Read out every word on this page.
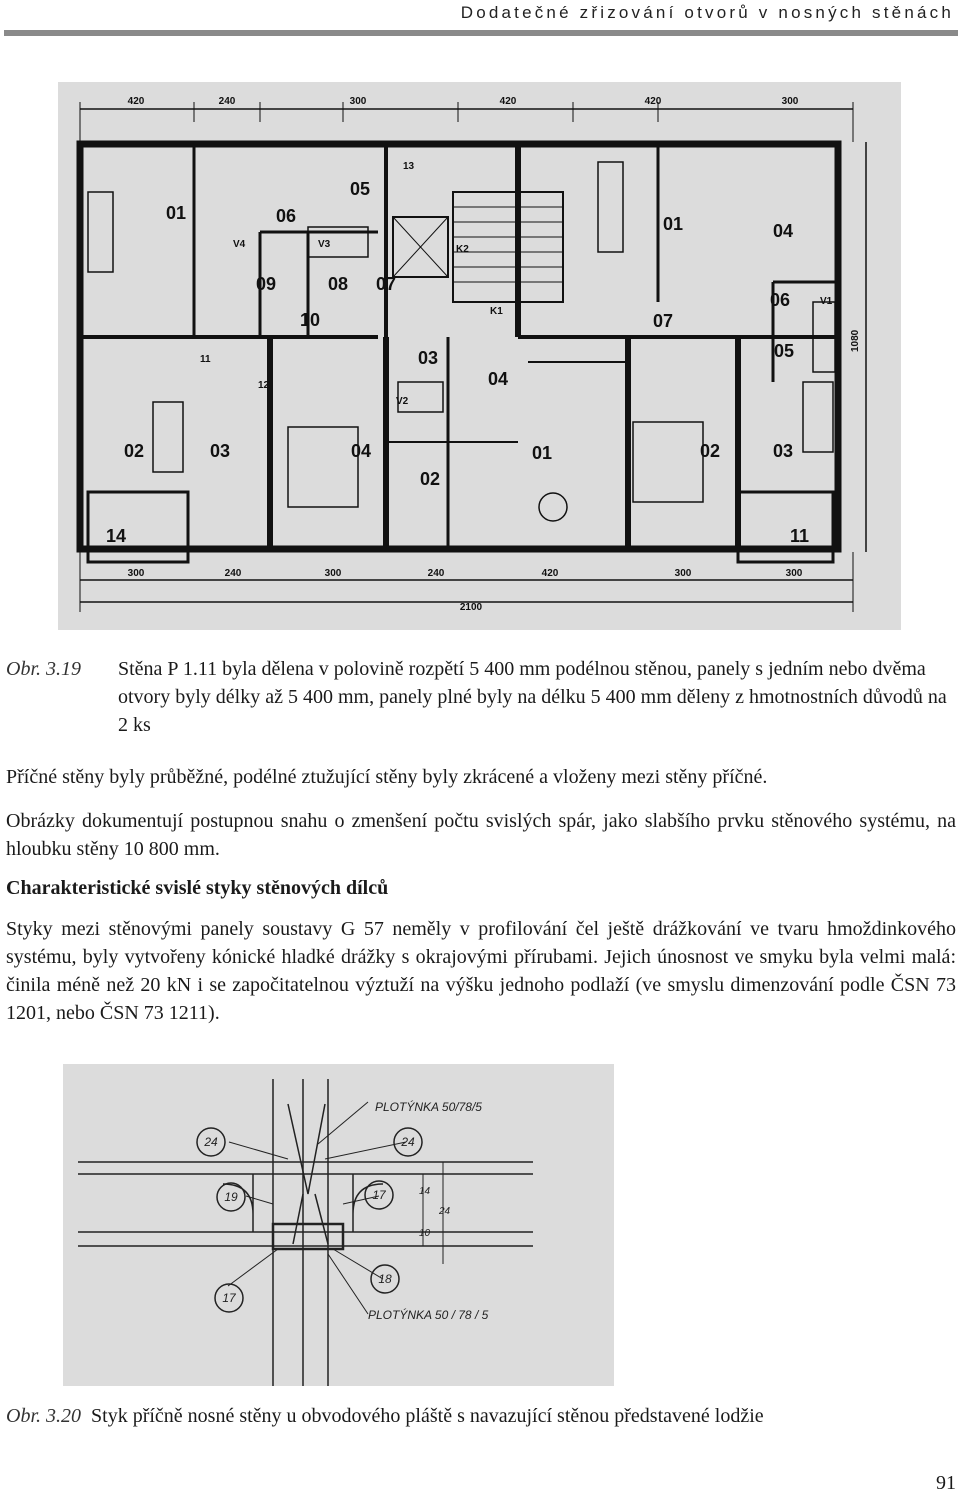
Dodatečné zřizování otvorů v nosných stěnách
420	240	300	420	420	300
300	240	300	240	420	300	300
2100
1080
01	06
05
09	08 07
10
13
V4	V3	K2
K1
11
12
01	04
07
06
05
V1
03
04
V2
02	03	04
02
01	02	03
14	11
Obr. 3.19 Stěna P 1.11 byla dělena v polovině rozpětí 5 400 mm podélnou stěnou, panely s jedním nebo dvěma otvory byly délky až 5 400 mm, panely plné byly na délku 5 400 mm děleny z hmotnostních důvodů na 2 ks
Příčné stěny byly průběžné, podélné ztužující stěny byly zkrácené a vloženy mezi stěny příčné.
Obrázky dokumentují postupnou snahu o zmenšení počtu svislých spár, jako slabšího prvku stěnového systému, na hloubku stěny 10 800 mm.
Charakteristické svislé styky stěnových dílců
Styky mezi stěnovými panely soustavy G 57 neměly v profilování čel ještě drážkování ve tvaru hmoždinkového systému, byly vytvořeny kónické hladké drážky s okrajovými přírubami. Jejich únosnost ve smyku byla velmi malá: činila méně než 20 kN i se započitatelnou výztuží na výšku jednoho podlaží (ve smyslu dimenzování podle ČSN 73 1201, nebo ČSN 73 1211).
PLOTÝNKA 50/78/5
PLOTÝNKA 50 / 78 / 5
24	24
19	17
17
18
14
10
24
Obr. 3.20 Styk příčně nosné stěny u obvodového pláště s navazující stěnou představené lodžie
91
